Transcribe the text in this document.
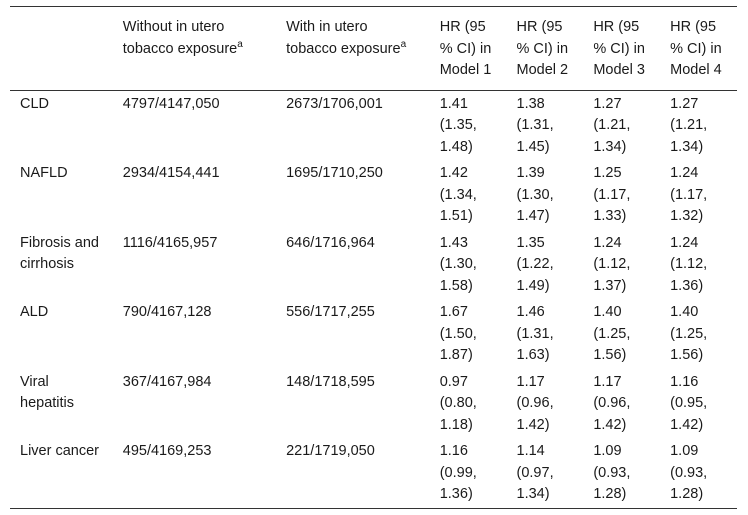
	Without in utero tobacco exposure$^a$	With in utero tobacco exposure$^a$	HR (95 % CI) in Model 1	HR (95 % CI) in Model 2	HR (95 % CI) in Model 3	HR (95 % CI) in Model 4
CLD	4797/4147,050	2673/1706,001	1.41 (1.35, 1.48)	1.38 (1.31, 1.45)	1.27 (1.21, 1.34)	1.27 (1.21, 1.34)
NAFLD	2934/4154,441	1695/1710,250	1.42 (1.34, 1.51)	1.39 (1.30, 1.47)	1.25 (1.17, 1.33)	1.24 (1.17, 1.32)
Fibrosis and cirrhosis	1116/4165,957	646/1716,964	1.43 (1.30, 1.58)	1.35 (1.22, 1.49)	1.24 (1.12, 1.37)	1.24 (1.12, 1.36)
ALD	790/4167,128	556/1717,255	1.67 (1.50, 1.87)	1.46 (1.31, 1.63)	1.40 (1.25, 1.56)	1.40 (1.25, 1.56)
Viral hepatitis	367/4167,984	148/1718,595	0.97 (0.80, 1.18)	1.17 (0.96, 1.42)	1.17 (0.96, 1.42)	1.16 (0.95, 1.42)
Liver cancer	495/4169,253	221/1719,050	1.16 (0.99, 1.36)	1.14 (0.97, 1.34)	1.09 (0.93, 1.28)	1.09 (0.93, 1.28)
